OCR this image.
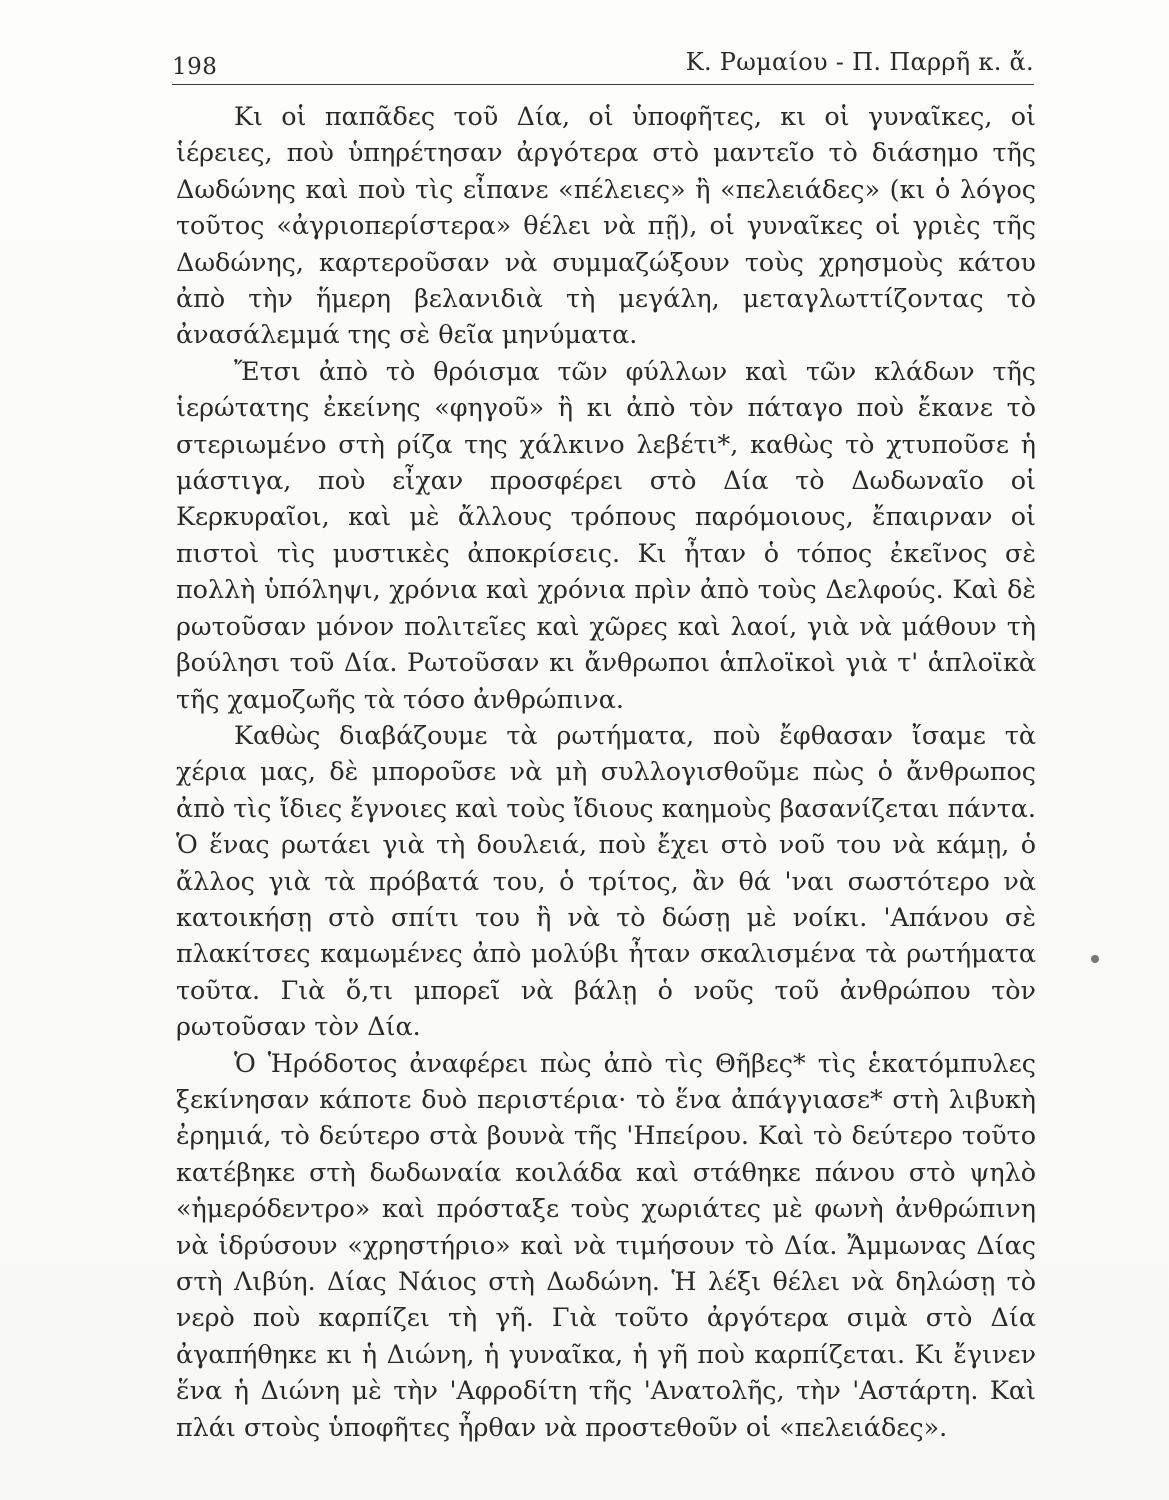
198	Κ. Ρωμαίου - Π. Παρρῆ κ. ἄ.

Κι οἱ παπᾶδες τοῦ Δία, οἱ ὑποφῆτες, κι οἱ γυναῖκες, οἱ ἱέρειες, ποὺ ὑπηρέτησαν ἀργότερα στὸ μαντεῖο τὸ διάσημο τῆς Δωδώνης καὶ ποὺ τὶς εἶπανε «πέλειες» ἢ «πελειάδες» (κι ὁ λόγος τοῦτος «ἀγριοπερίστερα» θέλει νὰ πῇ), οἱ γυναῖκες οἱ γριὲς τῆς Δωδώνης, καρτεροῦσαν νὰ συμμαζώξουν τοὺς χρησμοὺς κάτου ἀπὸ τὴν ἥμερη βελανιδιὰ τὴ μεγάλη, μεταγλωττίζοντας τὸ ἀνασάλεμμά της σὲ θεῖα μηνύματα.

Ἔτσι ἀπὸ τὸ θρόισμα τῶν φύλλων καὶ τῶν κλάδων τῆς ἱερώτατης ἐκείνης «φηγοῦ» ἢ κι ἀπὸ τὸν πάταγο ποὺ ἔκανε τὸ στεριωμένο στὴ ρίζα της χάλκινο λεβέτι*, καθὼς τὸ χτυποῦσε ἡ μάστιγα, ποὺ εἶχαν προσφέρει στὸ Δία τὸ Δωδωναῖο οἱ Κερκυραῖοι, καὶ μὲ ἄλλους τρόπους παρόμοιους, ἔπαιρναν οἱ πιστοὶ τὶς μυστικὲς ἀποκρίσεις. Κι ἦταν ὁ τόπος ἐκεῖνος σὲ πολλὴ ὑπόληψι, χρόνια καὶ χρόνια πρὶν ἀπὸ τοὺς Δελφούς. Καὶ δὲ ρωτοῦσαν μόνον πολιτεῖες καὶ χῶρες καὶ λαοί, γιὰ νὰ μάθουν τὴ βούλησι τοῦ Δία. Ρωτοῦσαν κι ἄνθρωποι ἁπλοϊκοὶ γιὰ τ' ἁπλοϊκὰ τῆς χαμοζωῆς τὰ τόσο ἀνθρώπινα.

Καθὼς διαβάζουμε τὰ ρωτήματα, ποὺ ἔφθασαν ἴσαμε τὰ χέρια μας, δὲ μποροῦσε νὰ μὴ συλλογισθοῦμε πὼς ὁ ἄνθρωπος ἀπὸ τὶς ἴδιες ἔγνοιες καὶ τοὺς ἴδιους καημοὺς βασανίζεται πάντα. Ὁ ἕνας ρωτάει γιὰ τὴ δουλειά, ποὺ ἔχει στὸ νοῦ του νὰ κάμῃ, ὁ ἄλλος γιὰ τὰ πρόβατά του, ὁ τρίτος, ἂν θά 'ναι σωστότερο νὰ κατοικήσῃ στὸ σπίτι του ἢ νὰ τὸ δώσῃ μὲ νοίκι. 'Απάνου σὲ πλακίτσες καμωμένες ἀπὸ μολύβι ἦταν σκαλισμένα τὰ ρωτήματα τοῦτα. Γιὰ ὅ,τι μπορεῖ νὰ βάλῃ ὁ νοῦς τοῦ ἀνθρώπου τὸν ρωτοῦσαν τὸν Δία.

Ὁ Ἡρόδοτος ἀναφέρει πὼς ἀπὸ τὶς Θῆβες* τὶς ἑκατόμπυλες ξεκίνησαν κάποτε δυὸ περιστέρια· τὸ ἕνα ἀπάγγιασε* στὴ λιβυκὴ ἐρημιά, τὸ δεύτερο στὰ βουνὰ τῆς 'Ηπείρου. Καὶ τὸ δεύτερο τοῦτο κατέβηκε στὴ δωδωναία κοιλάδα καὶ στάθηκε πάνου στὸ ψηλὸ «ἡμερόδεντρο» καὶ πρόσταξε τοὺς χωριάτες μὲ φωνὴ ἀνθρώπινη νὰ ἱδρύσουν «χρηστήριο» καὶ νὰ τιμήσουν τὸ Δία. Ἄμμωνας Δίας στὴ Λιβύη. Δίας Νάιος στὴ Δωδώνη. Ἡ λέξι θέλει νὰ δηλώσῃ τὸ νερὸ ποὺ καρπίζει τὴ γῆ. Γιὰ τοῦτο ἀργότερα σιμὰ στὸ Δία ἀγαπήθηκε κι ἡ Διώνη, ἡ γυναῖκα, ἡ γῆ ποὺ καρπίζεται. Κι ἔγινεν ἕνα ἡ Διώνη μὲ τὴν 'Αφροδίτη τῆς 'Ανατολῆς, τὴν 'Αστάρτη. Καὶ πλάι στοὺς ὑποφῆτες ἦρθαν νὰ προστεθοῦν οἱ «πελειάδες».
